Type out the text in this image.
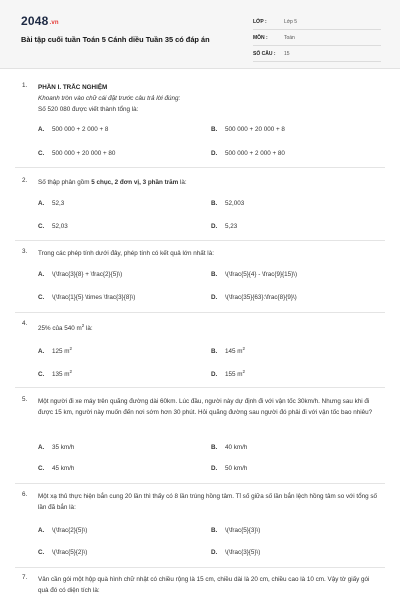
2048.vn
Bài tập cuối tuần Toán 5 Cánh diều Tuần 35 có đáp án
LỚP :	Lớp 5
MÔN :	Toán
SỐ CÂU :	15
1. PHẦN I. TRẮC NGHIỆM
Khoanh tròn vào chữ cái đặt trước câu trả lời đúng:
Số 520 080 được viết thành tổng là:
A. 500 000 + 2 000 + 8	B. 500 000 + 20 000 + 8
C. 500 000 + 20 000 + 80	D. 500 000 + 2 000 + 80
2. Số thập phân gồm 5 chục, 2 đơn vị, 3 phần trăm là:
A. 52,3	B. 52,003
C. 52,03	D. 5,23
3. Trong các phép tính dưới đây, phép tính có kết quả lớn nhất là:
A. \(\frac{3}{8} + \frac{2}{5}\)	B. \(\frac{5}{4} - \frac{9}{15}\)
C. \(\frac{1}{5} \times \frac{3}{8}\)	D. \(\frac{35}{63}:\frac{8}{9}\)
4.
25% của 540 $m^2$ là:
A. 125 $m^2$	B. 145 $m^2$
C. 135 $m^2$	D. 155 $m^2$
5. Một người đi xe máy trên quãng đường dài 60km. Lúc đầu, người này dự định đi với vận tốc 30km/h. Nhưng sau khi đi được 15 km, người này muốn đến nơi sớm hơn 30 phút. Hỏi quãng đường sau người đó phải đi với vận tốc bao nhiêu?
A. 35 km/h	B. 40 km/h
C. 45 km/h	D. 50 km/h
6. Một xạ thủ thực hiện bắn cung 20 lần thì thấy có 8 lần trúng hồng tâm. Tỉ số giữa số lần bắn lệch hồng tâm so với tổng số lần đã bắn là:
A. \(\frac{2}{5}\)	B. \(\frac{5}{3}\)
C. \(\frac{5}{2}\)	D. \(\frac{3}{5}\)
7. Vân cần gói một hộp quà hình chữ nhật có chiều rộng là 15 cm, chiều dài là 20 cm, chiều cao là 10 cm. Vậy tờ giấy gói quà đó có diện tích là:
